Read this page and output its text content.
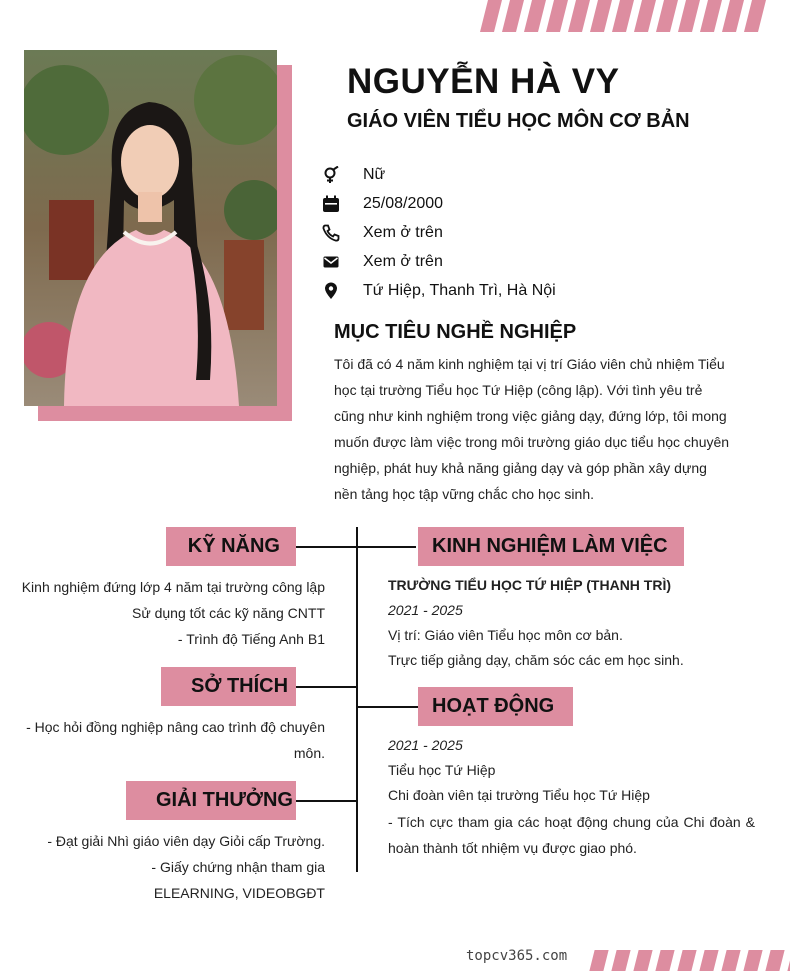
NGUYỄN HÀ VY
GIÁO VIÊN TIỂU HỌC MÔN CƠ BẢN
Nữ
25/08/2000
Xem ở trên
Xem ở trên
Tứ Hiệp, Thanh Trì, Hà Nội
MỤC TIÊU NGHỀ NGHIỆP
Tôi đã có 4 năm kinh nghiệm tại vị trí Giáo viên chủ nhiệm Tiểu học tại trường Tiểu học Tứ Hiệp (công lập). Với tình yêu trẻ cũng như kinh nghiệm trong việc giảng dạy, đứng lớp, tôi mong muốn được làm việc trong môi trường giáo dục tiểu học chuyên nghiệp, phát huy khả năng giảng dạy và góp phần xây dựng nền tảng học tập vững chắc cho học sinh.
KỸ NĂNG
SỞ THÍCH
GIẢI THƯỞNG
KINH NGHIỆM LÀM VIỆC
HOẠT ĐỘNG
Kinh nghiệm đứng lớp 4 năm tại trường công lập
Sử dụng tốt các kỹ năng CNTT
- Trình độ Tiếng Anh B1
- Học hỏi đồng nghiệp nâng cao trình độ chuyên
môn.
- Đạt giải Nhì giáo viên dạy Giỏi cấp Trường.
- Giấy chứng nhận tham gia
ELEARNING, VIDEOBGĐT
TRƯỜNG TIỂU HỌC TỨ HIỆP (THANH TRÌ)
2021 - 2025
Vị trí: Giáo viên Tiểu học môn cơ bản.
Trực tiếp giảng dạy, chăm sóc các em học sinh.
2021 - 2025
Tiểu học Tứ Hiệp
Chi đoàn viên tại trường Tiểu học Tứ Hiệp
- Tích cực tham gia các hoạt động chung của Chi đoàn & hoàn thành tốt nhiệm vụ được giao phó.
topcv365.com
